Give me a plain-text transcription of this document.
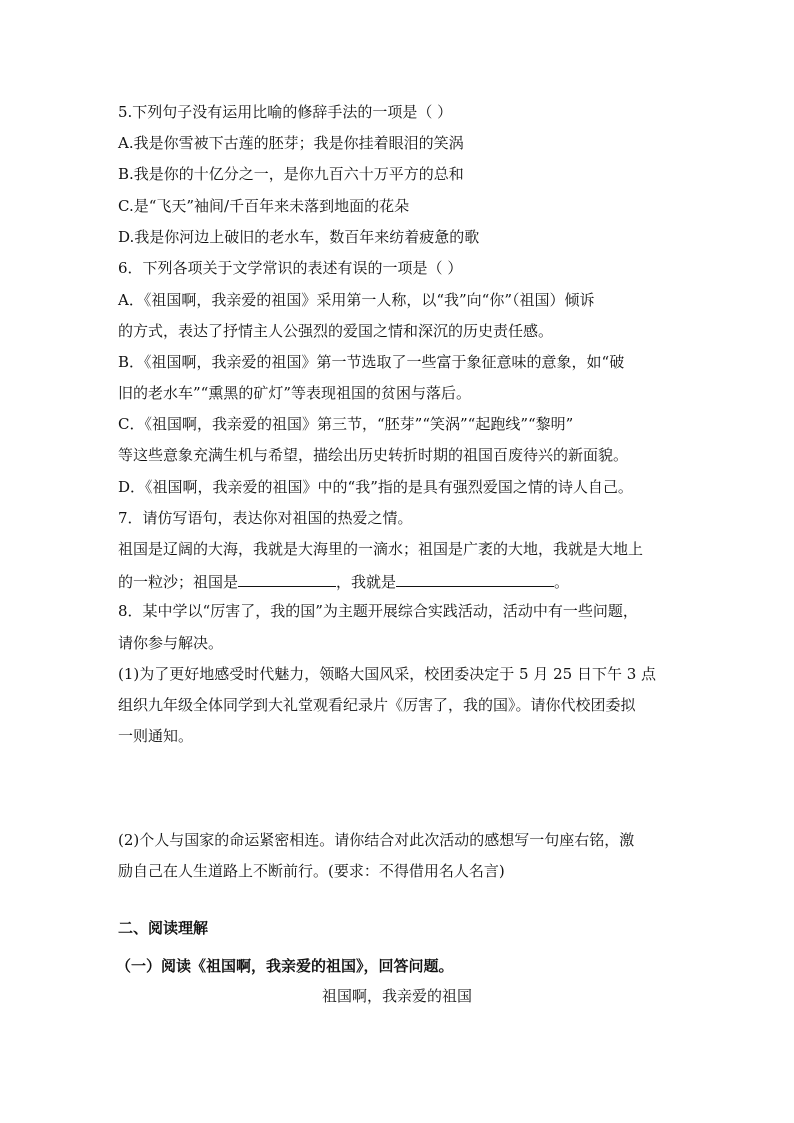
5.下列句子没有运用比喻的修辞手法的一项是（ ）
A.我是你雪被下古莲的胚芽；我是你挂着眼泪的笑涡
B.我是你的十亿分之一，是你九百六十万平方的总和
C.是“飞天”袖间/千百年来未落到地面的花朵
D.我是你河边上破旧的老水车，数百年来纺着疲惫的歌
6．下列各项关于文学常识的表述有误的一项是（ ）
A．《祖国啊，我亲爱的祖国》采用第一人称，以“我”向“你”（祖国）倾诉
的方式，表达了抒情主人公强烈的爱国之情和深沉的历史责任感。
B．《祖国啊，我亲爱的祖国》第一节选取了一些富于象征意味的意象，如“破
旧的老水车”“熏黑的矿灯”等表现祖国的贫困与落后。
C．《祖国啊，我亲爱的祖国》第三节，“胚芽”“笑涡”“起跑线”“黎明”
等这些意象充满生机与希望，描绘出历史转折时期的祖国百废待兴的新面貌。
D．《祖国啊，我亲爱的祖国》中的“我”指的是具有强烈爱国之情的诗人自己。
7．请仿写语句，表达你对祖国的热爱之情。
祖国是辽阔的大海，我就是大海里的一滴水；祖国是广袤的大地，我就是大地上
的一粒沙；祖国是	，我就是	。
8．某中学以“厉害了，我的国”为主题开展综合实践活动，活动中有一些问题，
请你参与解决。
(1)为了更好地感受时代魅力，领略大国风采，校团委决定于 5 月 25 日下午 3 点
组织九年级全体同学到大礼堂观看纪录片《厉害了，我的国》。请你代校团委拟
一则通知。
(2)个人与国家的命运紧密相连。请你结合对此次活动的感想写一句座右铭，激
励自己在人生道路上不断前行。(要求：不得借用名人名言)
二、阅读理解
（一）阅读《祖国啊，我亲爱的祖国》，回答问题。
祖国啊，我亲爱的祖国
